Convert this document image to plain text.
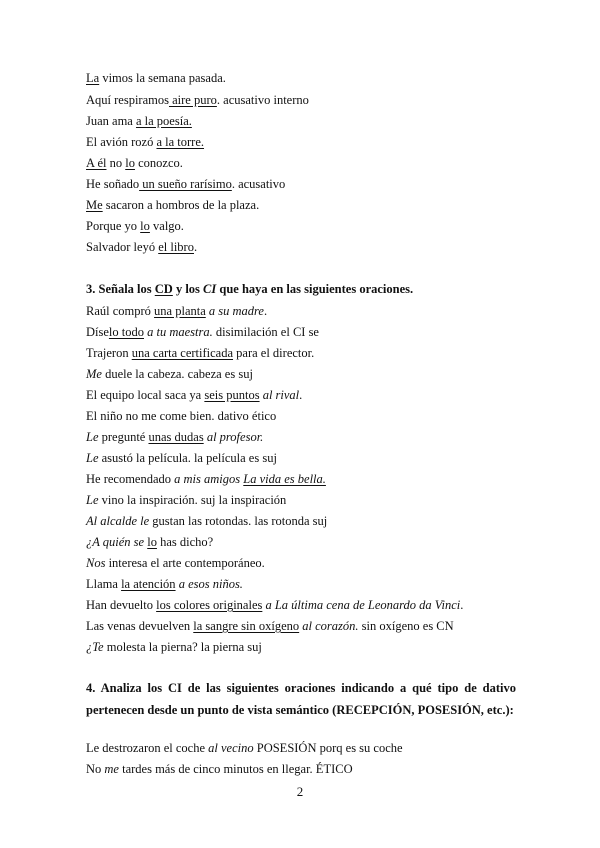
La vimos la semana pasada.
Aquí respiramos aire puro. acusativo interno
Juan ama a la poesía.
El avión rozó a la torre.
A él no lo conozco.
He soñado un sueño rarísimo. acusativo
Me sacaron a hombros de la plaza.
Porque yo lo valgo.
Salvador leyó el libro.
3. Señala los CD y los CI que haya en las siguientes oraciones.
Raúl compró una planta a su madre.
Díselo todo a tu maestra. disimilación el CI se
Trajeron una carta certificada para el director.
Me duele la cabeza. cabeza es suj
El equipo local saca ya seis puntos al rival.
El niño no me come bien. dativo ético
Le pregunté unas dudas al profesor.
Le asustó la película. la película es suj
He recomendado a mis amigos La vida es bella.
Le vino la inspiración. suj la inspiración
Al alcalde le gustan las rotondas. las rotonda suj
¿A quién se lo has dicho?
Nos interesa el arte contemporáneo.
Llama la atención a esos niños.
Han devuelto los colores originales a La última cena de Leonardo da Vinci.
Las venas devuelven la sangre sin oxígeno al corazón. sin oxígeno es CN
¿Te molesta la pierna? la pierna suj
4. Analiza los CI de las siguientes oraciones indicando a qué tipo de dativo
pertenecen desde un punto de vista semántico (RECEPCIÓN, POSESIÓN, etc.):
Le destrozaron el coche al vecino POSESIÓN porq es su coche
No me tardes más de cinco minutos en llegar. ÉTICO
2
